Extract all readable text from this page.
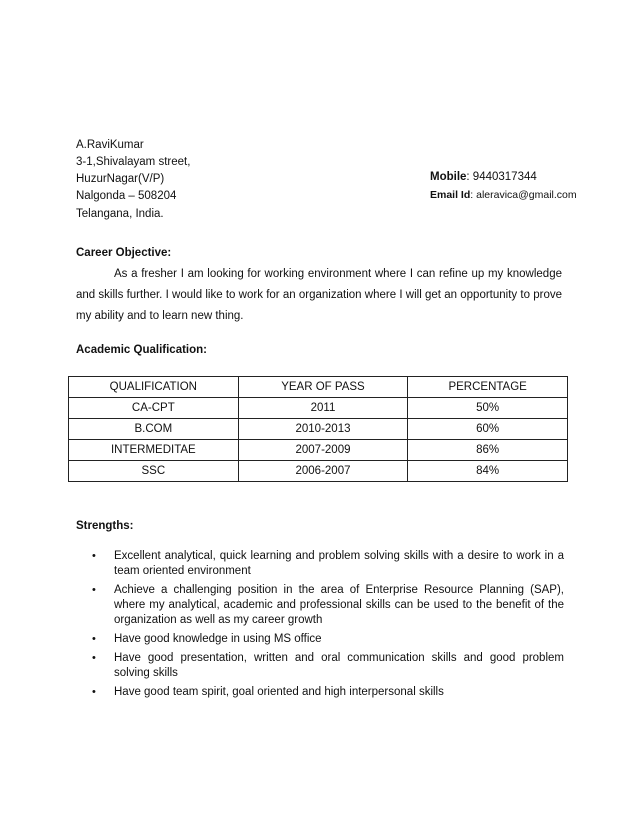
A.RaviKumar
3-1,Shivalayam street,
HuzurNagar(V/P)
Nalgonda – 508204
Telangana, India.
Mobile: 9440317344
Email Id: aleravica@gmail.com
Career Objective:
As a fresher I am looking for working environment where I can refine up my knowledge and skills further. I would like to work for an organization where I will get an opportunity to prove my ability and to learn new thing.
Academic Qualification:
QUALIFICATION	YEAR OF PASS	PERCENTAGE
CA-CPT	2011	50%
B.COM	2010-2013	60%
INTERMEDITAE	2007-2009	86%
SSC	2006-2007	84%
Strengths:
• Excellent analytical, quick learning and problem solving skills with a desire to work in a team oriented environment
• Achieve a challenging position in the area of Enterprise Resource Planning (SAP), where my analytical, academic and professional skills can be used to the benefit of the organization as well as my career growth
• Have good knowledge in using MS office
• Have good presentation, written and oral communication skills and good problem solving skills
• Have good team spirit, goal oriented and high interpersonal skills
